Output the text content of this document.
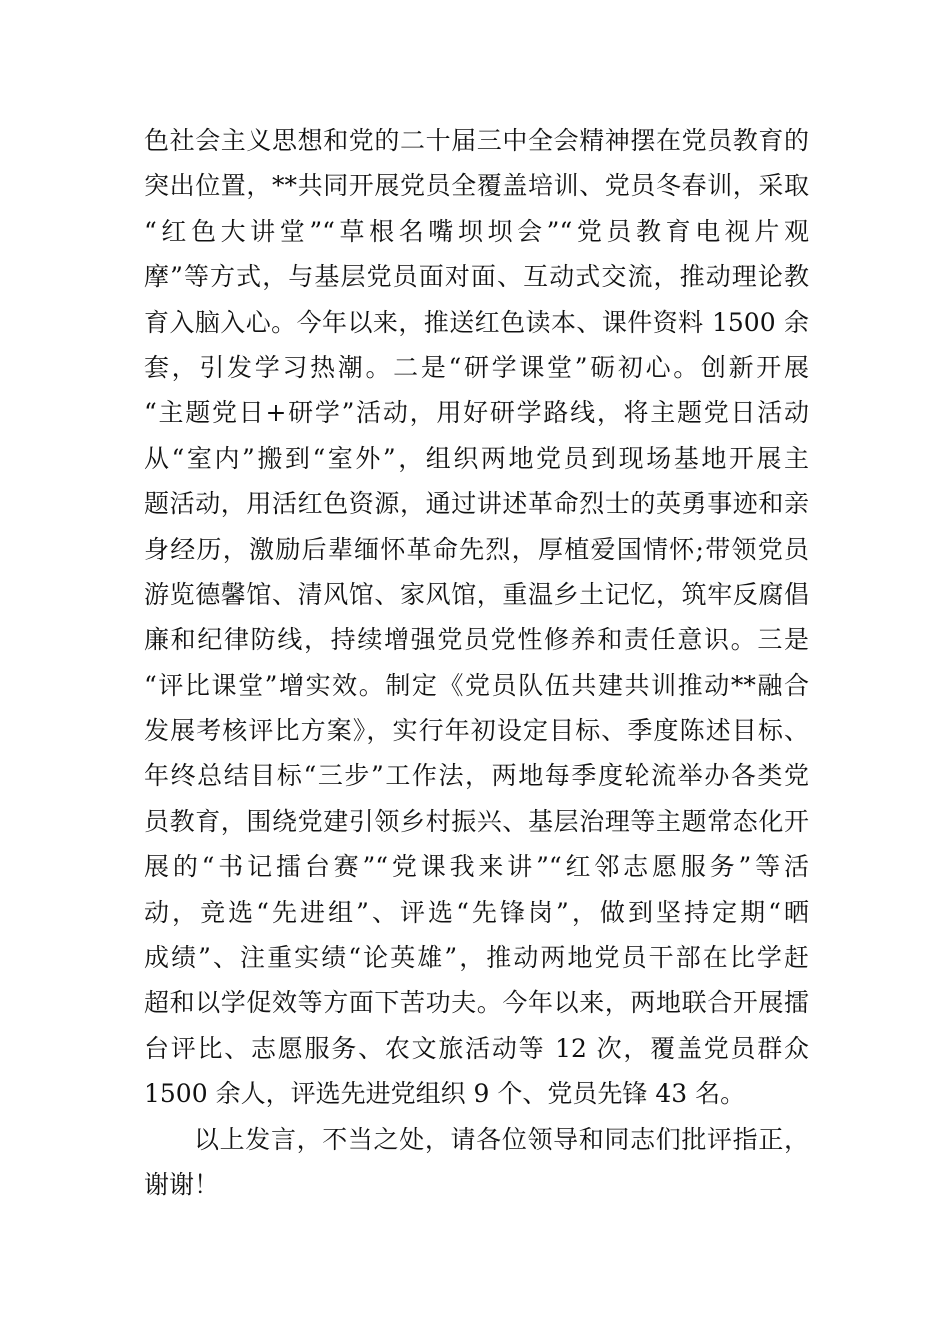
色社会主义思想和党的二十届三中全会精神摆在党员教育的
突出位置，**共同开展党员全覆盖培训、党员冬春训，采取
“红色大讲堂”“草根名嘴坝坝会”“党员教育电视片观
摩”等方式，与基层党员面对面、互动式交流，推动理论教
育入脑入心。今年以来，推送红色读本、课件资料 1500 余
套，引发学习热潮。二是“研学课堂”砺初心。创新开展
“主题党日+研学”活动，用好研学路线，将主题党日活动
从“室内”搬到“室外”，组织两地党员到现场基地开展主
题活动，用活红色资源，通过讲述革命烈士的英勇事迹和亲
身经历，激励后辈缅怀革命先烈，厚植爱国情怀;带领党员
游览德馨馆、清风馆、家风馆，重温乡土记忆，筑牢反腐倡
廉和纪律防线，持续增强党员党性修养和责任意识。三是
“评比课堂”增实效。制定《党员队伍共建共训推动**融合
发展考核评比方案》，实行年初设定目标、季度陈述目标、
年终总结目标“三步”工作法，两地每季度轮流举办各类党
员教育，围绕党建引领乡村振兴、基层治理等主题常态化开
展的“书记擂台赛”“党课我来讲”“红邻志愿服务”等活
动，竞选“先进组”、评选“先锋岗”，做到坚持定期“晒
成绩”、注重实绩“论英雄”，推动两地党员干部在比学赶
超和以学促效等方面下苦功夫。今年以来，两地联合开展擂
台评比、志愿服务、农文旅活动等 12 次，覆盖党员群众
1500 余人，评选先进党组织 9 个、党员先锋 43 名。
以上发言，不当之处，请各位领导和同志们批评指正，
谢谢！
